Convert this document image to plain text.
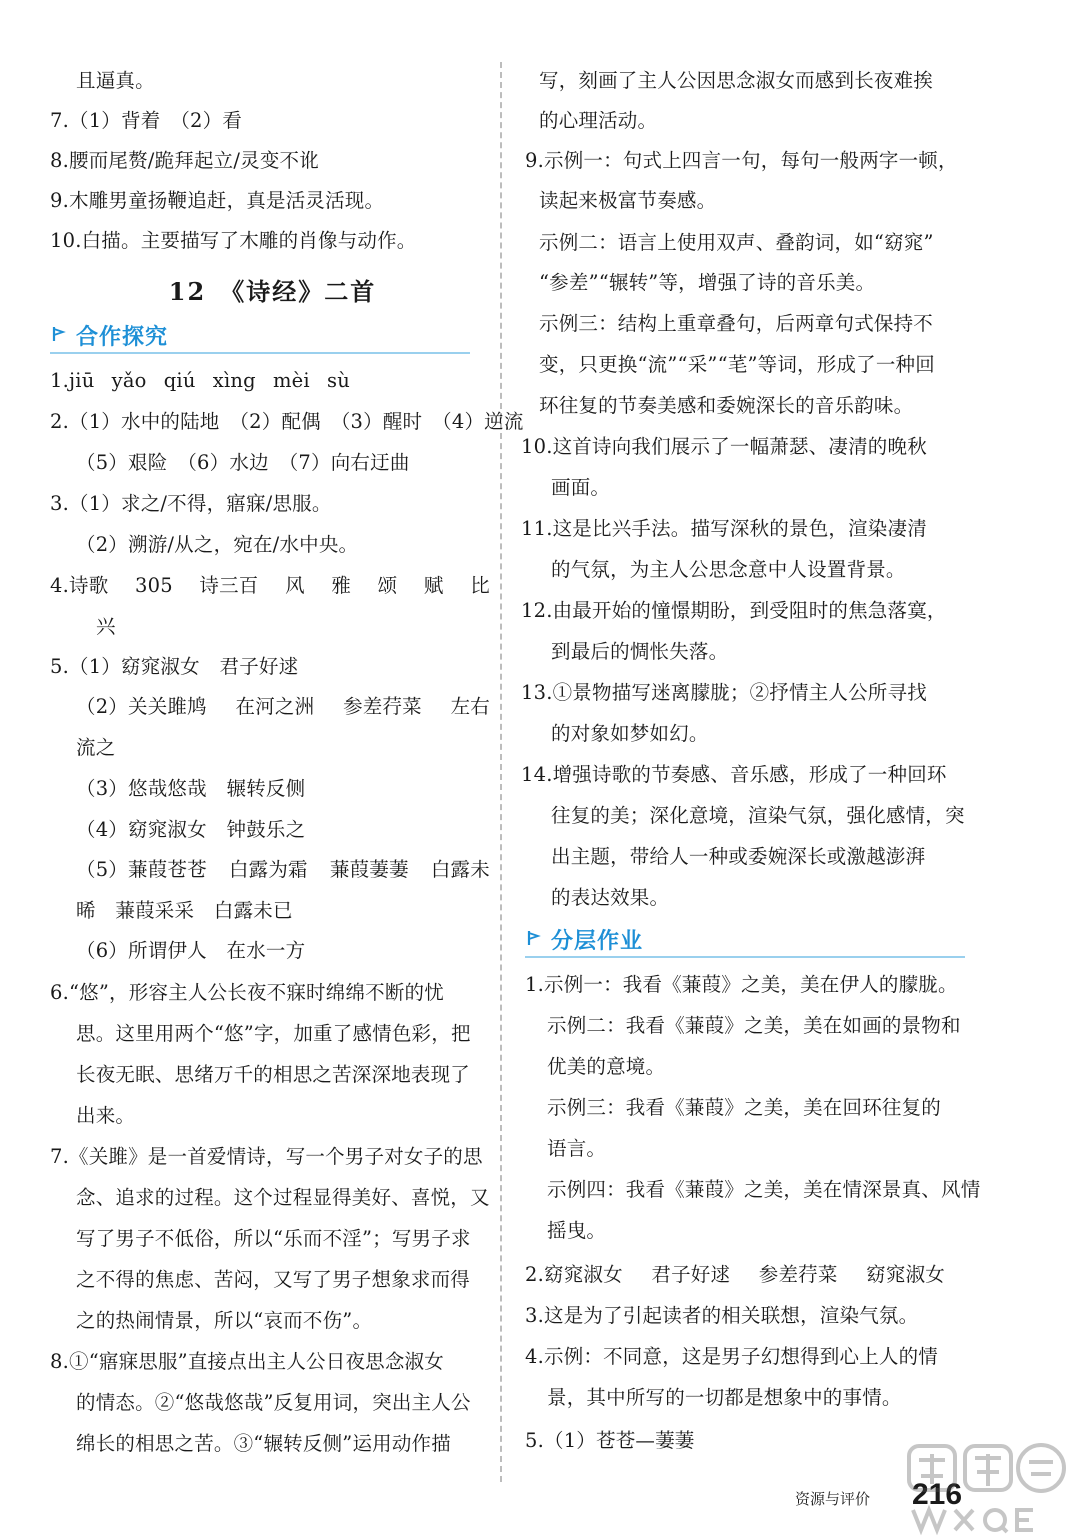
且逼真。
7.（1）背着　（2）看
8.腰而尾赘/跪拜起立/灵变不讹
9.木雕男童扬鞭追赶，真是活灵活现。
10.白描。主要描写了木雕的肖像与动作。
12　《诗经》二首
合作探究
1.jiū yǎo qiú xìng mèi sù
2.（1）水中的陆地　（2）配偶　（3）醒时　（4）逆流
（5）艰险　（6）水边　（7）向右迂曲
3.（1）求之/不得，寤寐/思服。
（2）溯游/从之，宛在/水中央。
4.诗歌 305 诗三百 风 雅 颂 赋 比
兴
5.（1）窈窕淑女　君子好逑
（2）关关雎鸠 在河之洲 参差荇菜 左右
流之
（3）悠哉悠哉　辗转反侧
（4）窈窕淑女　钟鼓乐之
（5）蒹葭苍苍 白露为霜 蒹葭萋萋 白露未
晞　蒹葭采采　白露未已
（6）所谓伊人　在水一方
6.“悠”，形容主人公长夜不寐时绵绵不断的忧
思。这里用两个“悠”字，加重了感情色彩，把
长夜无眠、思绪万千的相思之苦深深地表现了
出来。
7.《关雎》是一首爱情诗，写一个男子对女子的思
念、追求的过程。这个过程显得美好、喜悦，又
写了男子不低俗，所以“乐而不淫”；写男子求
之不得的焦虑、苦闷，又写了男子想象求而得
之的热闹情景，所以“哀而不伤”。
8.①“寤寐思服”直接点出主人公日夜思念淑女
的情态。②“悠哉悠哉”反复用词，突出主人公
绵长的相思之苦。③“辗转反侧”运用动作描
写，刻画了主人公因思念淑女而感到长夜难挨
的心理活动。
9.示例一：句式上四言一句，每句一般两字一顿，
读起来极富节奏感。
示例二：语言上使用双声、叠韵词，如“窈窕”
“参差”“辗转”等，增强了诗的音乐美。
示例三：结构上重章叠句，后两章句式保持不
变，只更换“流”“采”“芼”等词，形成了一种回
环往复的节奏美感和委婉深长的音乐韵味。
10.这首诗向我们展示了一幅萧瑟、凄清的晚秋
画面。
11.这是比兴手法。描写深秋的景色，渲染凄清
的气氛，为主人公思念意中人设置背景。
12.由最开始的憧憬期盼，到受阻时的焦急落寞，
到最后的惆怅失落。
13.①景物描写迷离朦胧；②抒情主人公所寻找
的对象如梦如幻。
14.增强诗歌的节奏感、音乐感，形成了一种回环
往复的美；深化意境，渲染气氛，强化感情，突
出主题，带给人一种或委婉深长或激越澎湃
的表达效果。
分层作业
1.示例一：我看《蒹葭》之美，美在伊人的朦胧。
示例二：我看《蒹葭》之美，美在如画的景物和
优美的意境。
示例三：我看《蒹葭》之美，美在回环往复的
语言。
示例四：我看《蒹葭》之美，美在情深景真、风情
摇曳。
2.窈窕淑女 君子好逑 参差荇菜 窈窕淑女
3.这是为了引起读者的相关联想，渲染气氛。
4.示例：不同意，这是男子幻想得到心上人的情
景，其中所写的一切都是想象中的事情。
5.（1）苍苍—萋萋
资源与评价 216
